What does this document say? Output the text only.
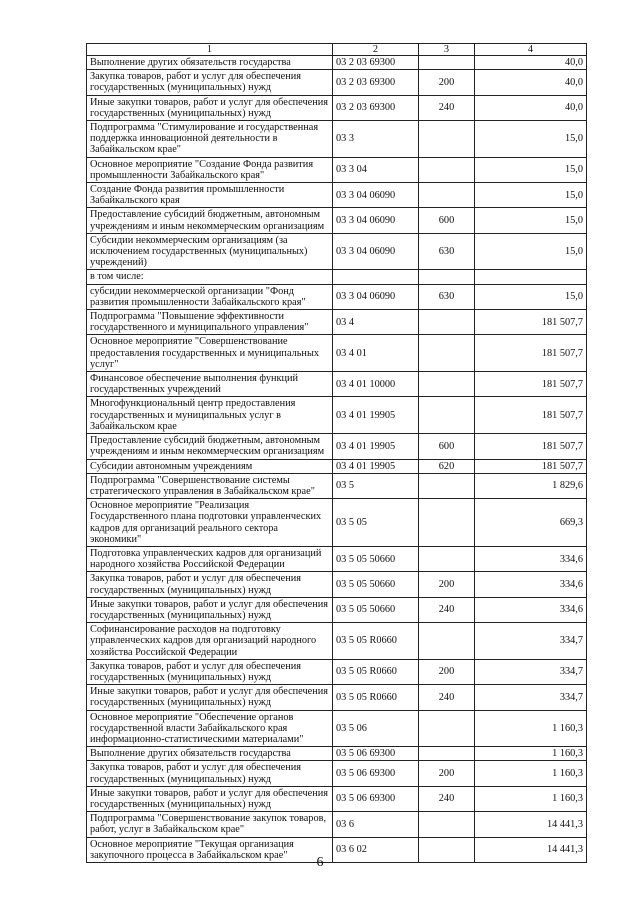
1	2	3	4
Выполнение других обязательств государства	03 2 03 69300		40,0
Закупка товаров, работ и услуг для обеспечения государственных (муниципальных) нужд	03 2 03 69300	200	40,0
Иные закупки товаров, работ и услуг для обеспечения государственных (муниципальных) нужд	03 2 03 69300	240	40,0
Подпрограмма "Стимулирование и государственная поддержка инновационной деятельности в Забайкальском крае"	03 3		15,0
Основное мероприятие "Создание Фонда развития промышленности Забайкальского края"	03 3 04		15,0
Создание Фонда развития промышленности Забайкальского края	03 3 04 06090		15,0
Предоставление субсидий бюджетным, автономным учреждениям и иным некоммерческим организациям	03 3 04 06090	600	15,0
Субсидии некоммерческим организациям (за исключением государственных (муниципальных) учреждений)	03 3 04 06090	630	15,0
в том числе:			
субсидии некоммерческой организации "Фонд развития промышленности Забайкальского края"	03 3 04 06090	630	15,0
Подпрограмма "Повышение эффективности государственного и муниципального управления"	03 4		181 507,7
Основное мероприятие "Совершенствование предоставления государственных и муниципальных услуг"	03 4 01		181 507,7
Финансовое обеспечение выполнения функций государственных учреждений	03 4 01 10000		181 507,7
Многофункциональный центр предоставления государственных и муниципальных услуг в Забайкальском крае	03 4 01 19905		181 507,7
Предоставление субсидий бюджетным, автономным учреждениям и иным некоммерческим организациям	03 4 01 19905	600	181 507,7
Субсидии автономным учреждениям	03 4 01 19905	620	181 507,7
Подпрограмма "Совершенствование системы стратегического управления в Забайкальском крае"	03 5		1 829,6
Основное мероприятие "Реализация Государственного плана подготовки управленческих кадров для организаций реального сектора экономики"	03 5 05		669,3
Подготовка управленческих кадров для организаций народного хозяйства Российской Федерации	03 5 05 50660		334,6
Закупка товаров, работ и услуг для обеспечения государственных (муниципальных) нужд	03 5 05 50660	200	334,6
Иные закупки товаров, работ и услуг для обеспечения государственных (муниципальных) нужд	03 5 05 50660	240	334,6
Софинансирование расходов на подготовку управленческих кадров для организаций народного хозяйства Российской Федерации	03 5 05 R0660		334,7
Закупка товаров, работ и услуг для обеспечения государственных (муниципальных) нужд	03 5 05 R0660	200	334,7
Иные закупки товаров, работ и услуг для обеспечения государственных (муниципальных) нужд	03 5 05 R0660	240	334,7
Основное мероприятие "Обеспечение органов государственной власти Забайкальского края информационно-статистическими материалами"	03 5 06		1 160,3
Выполнение других обязательств государства	03 5 06 69300		1 160,3
Закупка товаров, работ и услуг для обеспечения государственных (муниципальных) нужд	03 5 06 69300	200	1 160,3
Иные закупки товаров, работ и услуг для обеспечения государственных (муниципальных) нужд	03 5 06 69300	240	1 160,3
Подпрограмма "Совершенствование закупок товаров, работ, услуг в Забайкальском крае"	03 6		14 441,3
Основное мероприятие "Текущая организация закупочного процесса в Забайкальском крае"	03 6 02		14 441,3
6
